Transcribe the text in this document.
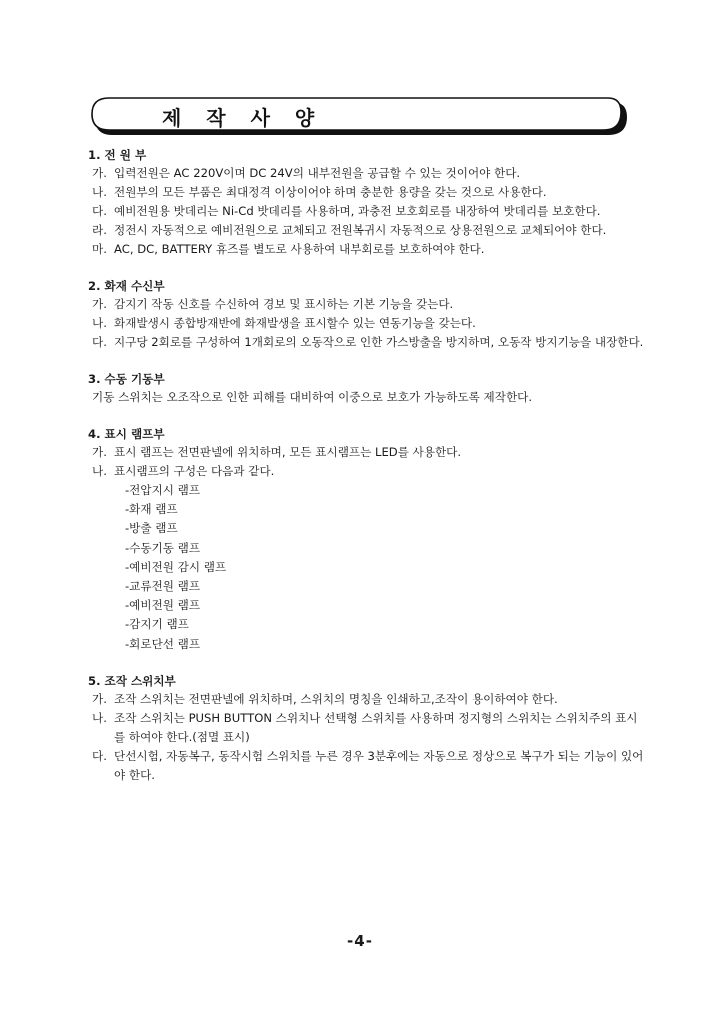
제 작 사 양
1. 전 원 부
가. 입력전원은 AC 220V이며 DC 24V의 내부전원을 공급할 수 있는 것이어야 한다.
나. 전원부의 모든 부품은 최대정격 이상이어야 하며 충분한 용량을 갖는 것으로 사용한다.
다. 예비전원용 밧데리는 Ni-Cd 밧데리를 사용하며, 과충전 보호회로를 내장하여 밧데리를 보호한다.
라. 정전시 자동적으로 예비전원으로 교체되고 전원복귀시 자동적으로 상용전원으로 교체되어야 한다.
마. AC, DC, BATTERY 휴즈를 별도로 사용하여 내부회로를 보호하여야 한다.
2. 화재 수신부
가. 감지기 작동 신호를 수신하여 경보 및 표시하는 기본 기능을 갖는다.
나. 화재발생시 종합방재반에 화재발생을 표시할수 있는 연동기능을 갖는다.
다. 지구당 2회로를 구성하여 1개회로의 오동작으로 인한 가스방출을 방지하며, 오동작 방지기능을 내장한다.
3. 수동 기동부
기동 스위치는 오조작으로 인한 피해를 대비하여 이중으로 보호가 가능하도록 제작한다.
4. 표시 램프부
가. 표시 램프는 전면판넬에 위치하며, 모든 표시램프는 LED를 사용한다.
나. 표시램프의 구성은 다음과 같다.
-전압지시 램프
-화재 램프
-방출 램프
-수동기동 램프
-예비전원 감시 램프
-교류전원 램프
-예비전원 램프
-감지기 램프
-회로단선 램프
5. 조작 스위치부
가. 조작 스위치는 전면판넬에 위치하며, 스위치의 명칭을 인쇄하고,조작이 용이하여야 한다.
나. 조작 스위치는 PUSH BUTTON 스위치나 선택형 스위치를 사용하며 정지형의 스위치는 스위치주의 표시를 하여야 한다.(점멸 표시)
다. 단선시험, 자동복구, 동작시험 스위치를 누른 경우 3분후에는 자동으로 정상으로 복구가 되는 기능이 있어야 한다.
-4-
